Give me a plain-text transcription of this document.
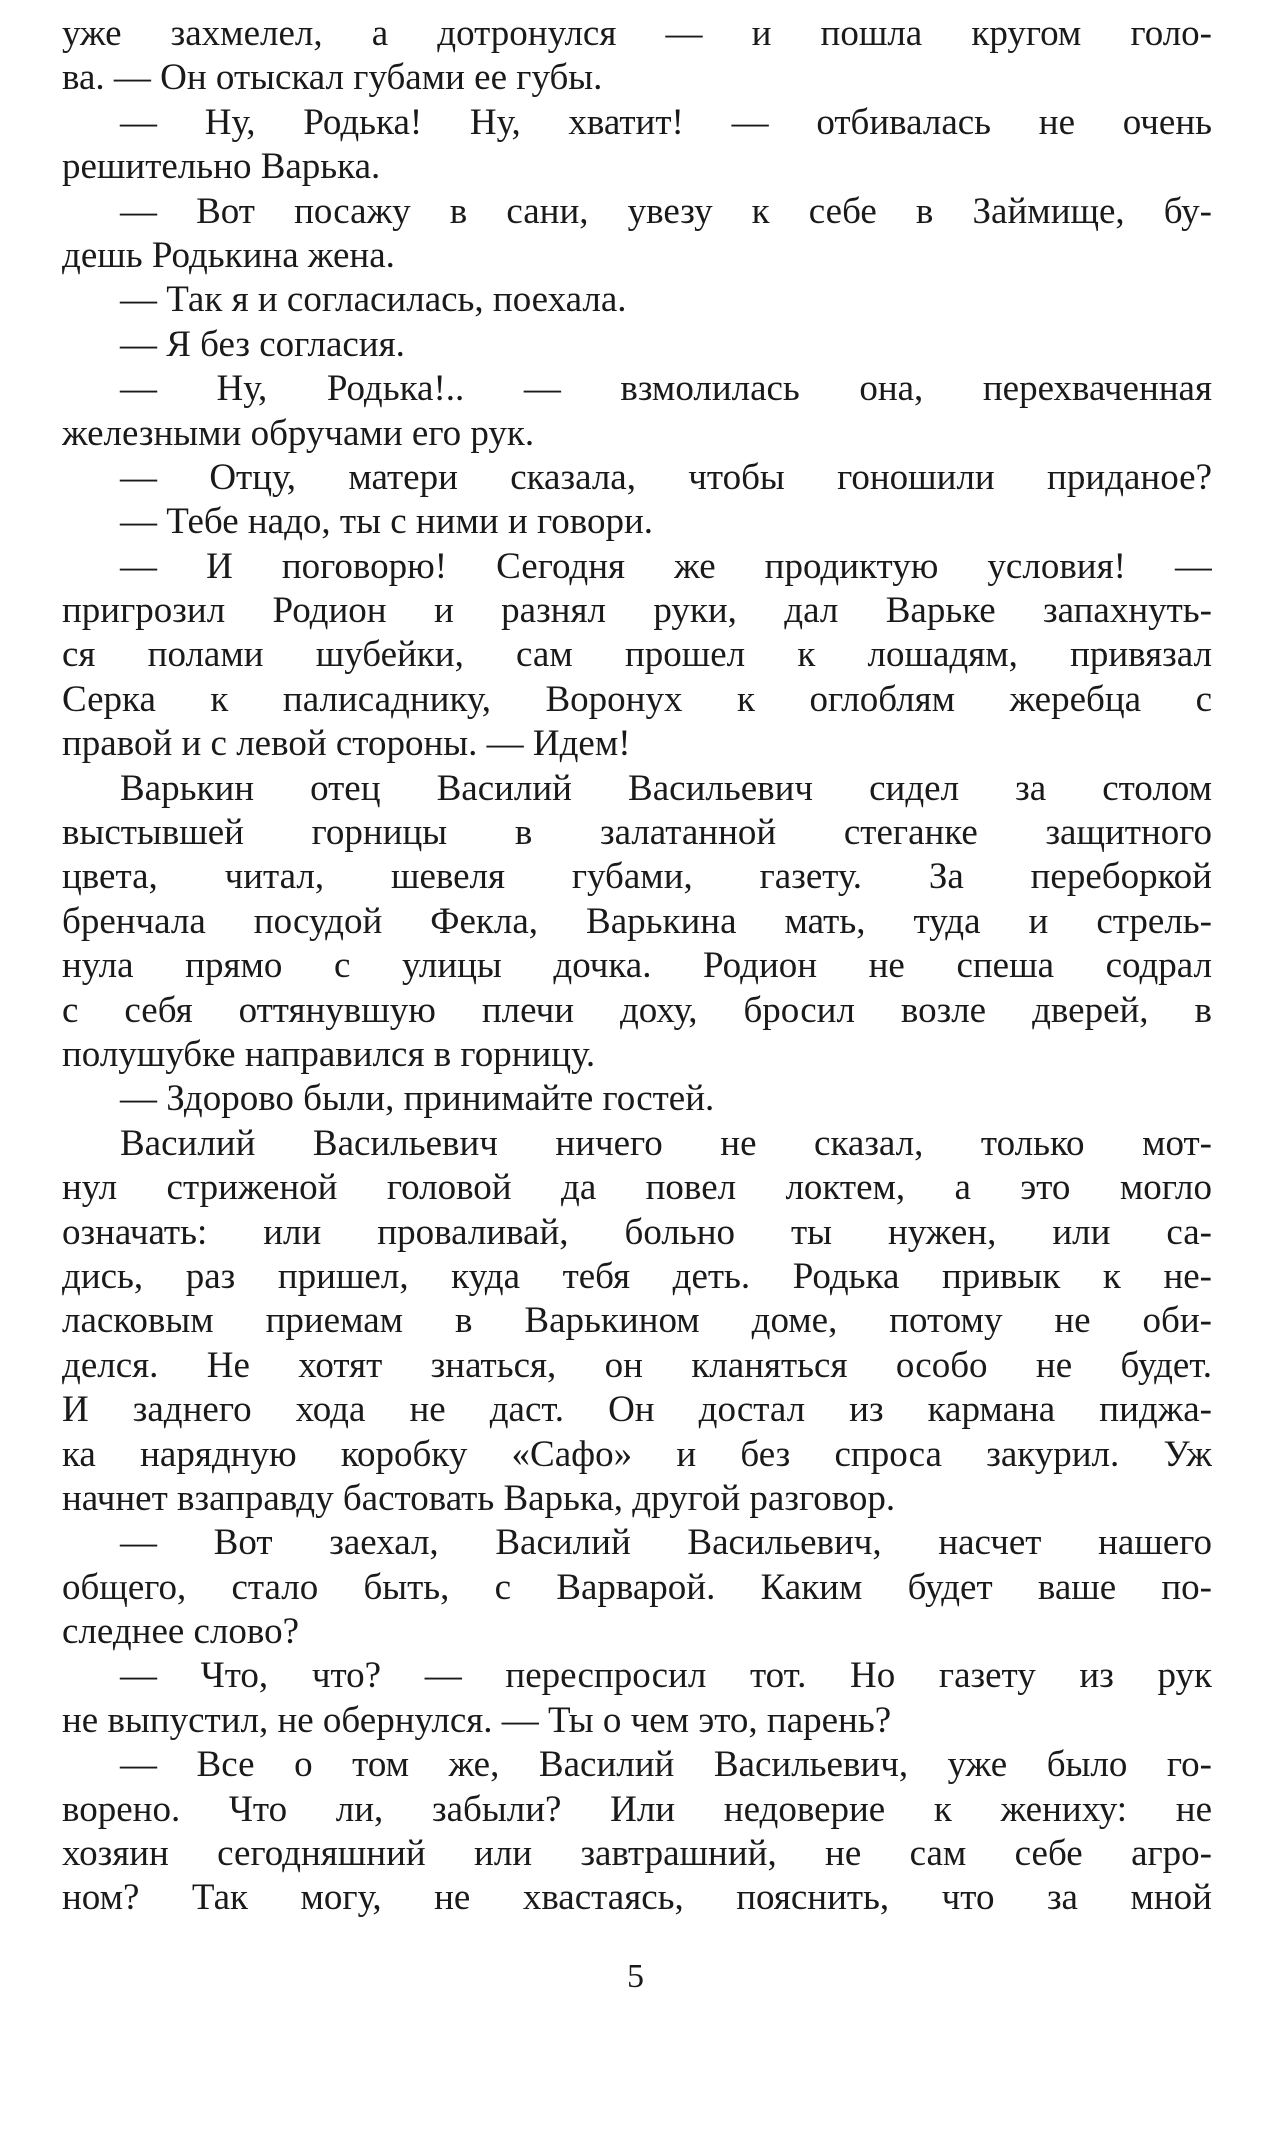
уже захмелел, а дотронулся — и пошла кругом голо-
ва. — Он отыскал губами ее губы.
— Ну, Родька! Ну, хватит! — отбивалась не очень
решительно Варька.
— Вот посажу в сани, увезу к себе в Займище, бу-
дешь Родькина жена.
— Так я и согласилась, поехала.
— Я без согласия.
— Ну, Родька!.. — взмолилась она, перехваченная
железными обручами его рук.
— Отцу, матери сказала, чтобы гоношили приданое?
— Тебе надо, ты с ними и говори.
— И поговорю! Сегодня же продиктую условия! —
пригрозил Родион и разнял руки, дал Варьке запахнуть-
ся полами шубейки, сам прошел к лошадям, привязал
Серка к палисаднику, Воронух к оглоблям жеребца с
правой и с левой стороны. — Идем!
Варькин отец Василий Васильевич сидел за столом
выстывшей горницы в залатанной стеганке защитного
цвета, читал, шевеля губами, газету. За переборкой
бренчала посудой Фекла, Варькина мать, туда и стрель-
нула прямо с улицы дочка. Родион не спеша содрал
с себя оттянувшую плечи доху, бросил возле дверей, в
полушубке направился в горницу.
— Здорово были, принимайте гостей.
Василий Васильевич ничего не сказал, только мот-
нул стриженой головой да повел локтем, а это могло
означать: или проваливай, больно ты нужен, или са-
дись, раз пришел, куда тебя деть. Родька привык к не-
ласковым приемам в Варькином доме, потому не оби-
делся. Не хотят знаться, он кланяться особо не будет.
И заднего хода не даст. Он достал из кармана пиджа-
ка нарядную коробку «Сафо» и без спроса закурил. Уж
начнет взаправду бастовать Варька, другой разговор.
— Вот заехал, Василий Васильевич, насчет нашего
общего, стало быть, с Варварой. Каким будет ваше по-
следнее слово?
— Что, что? — переспросил тот. Но газету из рук
не выпустил, не обернулся. — Ты о чем это, парень?
— Все о том же, Василий Васильевич, уже было го-
ворено. Что ли, забыли? Или недоверие к жениху: не
хозяин сегодняшний или завтрашний, не сам себе агро-
ном? Так могу, не хвастаясь, пояснить, что за мной
5
